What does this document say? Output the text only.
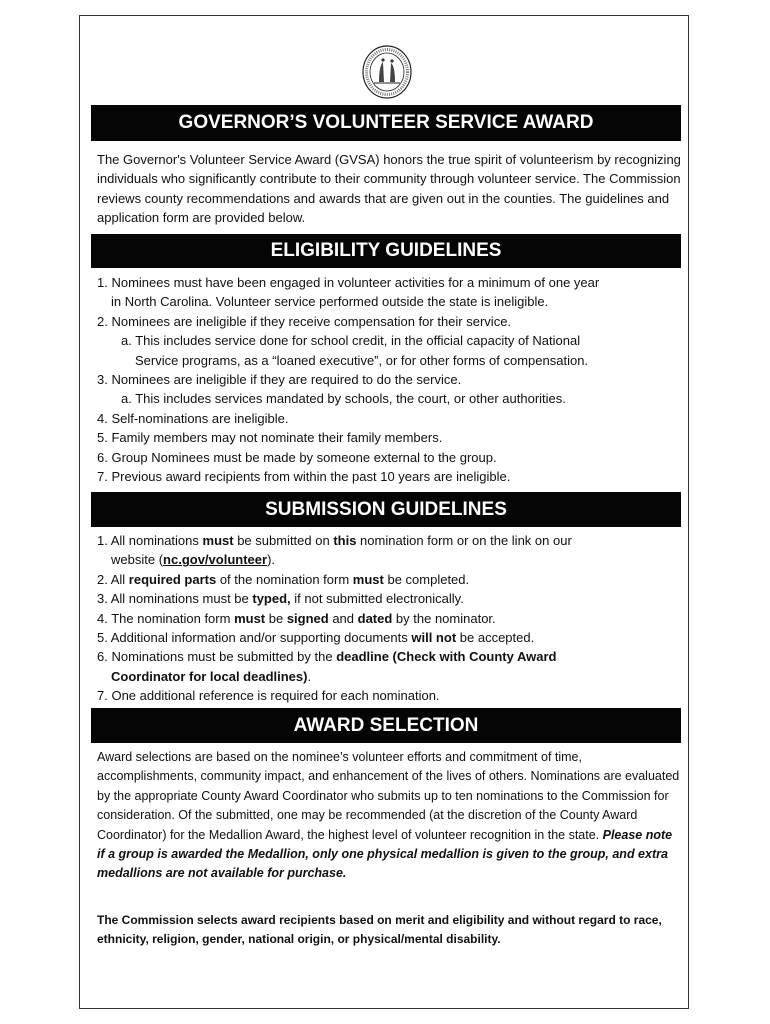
GOVERNOR’S VOLUNTEER SERVICE AWARD
The Governor's Volunteer Service Award (GVSA) honors the true spirit of volunteerism by recognizing individuals who significantly contribute to their community through volunteer service. The Commission reviews county recommendations and awards that are given out in the counties. The guidelines and application form are provided below.
ELIGIBILITY GUIDELINES
1. Nominees must have been engaged in volunteer activities for a minimum of one year
in North Carolina. Volunteer service performed outside the state is ineligible.
2. Nominees are ineligible if they receive compensation for their service.
a. This includes service done for school credit, in the official capacity of National
Service programs, as a “loaned executive”, or for other forms of compensation.
3. Nominees are ineligible if they are required to do the service.
a. This includes services mandated by schools, the court, or other authorities.
4. Self-nominations are ineligible.
5. Family members may not nominate their family members.
6. Group Nominees must be made by someone external to the group.
7. Previous award recipients from within the past 10 years are ineligible.
SUBMISSION GUIDELINES
1. All nominations must be submitted on this nomination form or on the link on our
website (nc.gov/volunteer).
2. All required parts of the nomination form must be completed.
3. All nominations must be typed, if not submitted electronically.
4. The nomination form must be signed and dated by the nominator.
5. Additional information and/or supporting documents will not be accepted.
6. Nominations must be submitted by the deadline (Check with County Award
Coordinator for local deadlines).
7. One additional reference is required for each nomination.
AWARD SELECTION
Award selections are based on the nominee’s volunteer efforts and commitment of time, accomplishments, community impact, and enhancement of the lives of others. Nominations are evaluated by the appropriate County Award Coordinator who submits up to ten nominations to the Commission for consideration. Of the submitted, one may be recommended (at the discretion of the County Award Coordinator) for the Medallion Award, the highest level of volunteer recognition in the state. Please note if a group is awarded the Medallion, only one physical medallion is given to the group, and extra medallions are not available for purchase.
The Commission selects award recipients based on merit and eligibility and without regard to race, ethnicity, religion, gender, national origin, or physical/mental disability.
